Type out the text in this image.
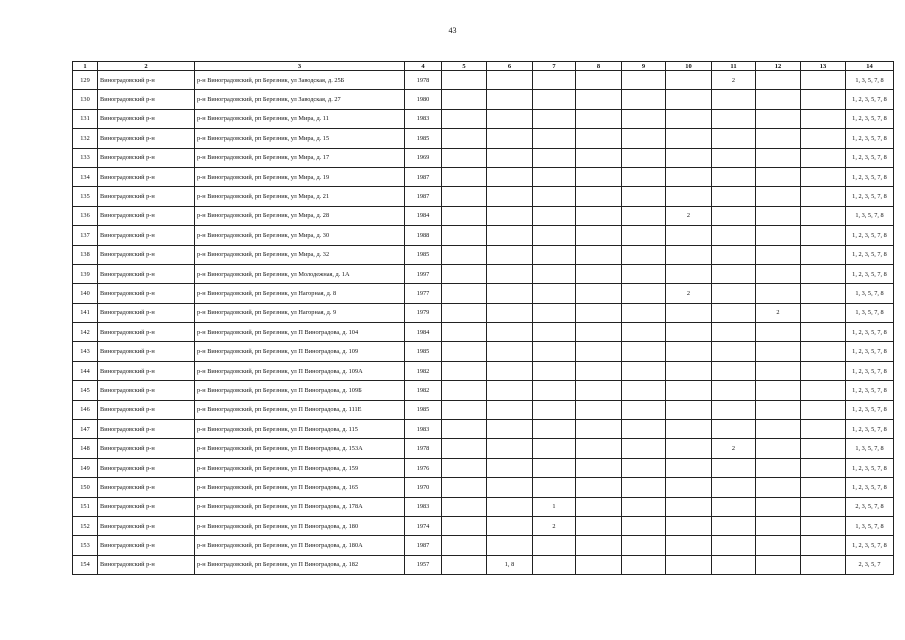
43
1	2	3	4	5	6	7	8	9	10	11	12	13	14
129	Виноградовский р-н	р-н Виноградовский, рп Березник, ул Заводская, д. 25Б	1978							2			1, 3, 5, 7, 8
130	Виноградовский р-н	р-н Виноградовский, рп Березник, ул Заводская, д. 27	1980										1, 2, 3, 5, 7, 8
131	Виноградовский р-н	р-н Виноградовский, рп Березник, ул Мира, д. 11	1983										1, 2, 3, 5, 7, 8
132	Виноградовский р-н	р-н Виноградовский, рп Березник, ул Мира, д. 15	1985										1, 2, 3, 5, 7, 8
133	Виноградовский р-н	р-н Виноградовский, рп Березник, ул Мира, д. 17	1969										1, 2, 3, 5, 7, 8
134	Виноградовский р-н	р-н Виноградовский, рп Березник, ул Мира, д. 19	1987										1, 2, 3, 5, 7, 8
135	Виноградовский р-н	р-н Виноградовский, рп Березник, ул Мира, д. 21	1987										1, 2, 3, 5, 7, 8
136	Виноградовский р-н	р-н Виноградовский, рп Березник, ул Мира, д. 28	1984						2				1, 3, 5, 7, 8
137	Виноградовский р-н	р-н Виноградовский, рп Березник, ул Мира, д. 30	1988										1, 2, 3, 5, 7, 8
138	Виноградовский р-н	р-н Виноградовский, рп Березник, ул Мира, д. 32	1985										1, 2, 3, 5, 7, 8
139	Виноградовский р-н	р-н Виноградовский, рп Березник, ул Молодежная, д. 1А	1997										1, 2, 3, 5, 7, 8
140	Виноградовский р-н	р-н Виноградовский, рп Березник, ул Нагорная, д. 8	1977						2				1, 3, 5, 7, 8
141	Виноградовский р-н	р-н Виноградовский, рп Березник, ул Нагорная, д. 9	1979								2		1, 3, 5, 7, 8
142	Виноградовский р-н	р-н Виноградовский, рп Березник, ул П Виноградова, д. 104	1984										1, 2, 3, 5, 7, 8
143	Виноградовский р-н	р-н Виноградовский, рп Березник, ул П Виноградова, д. 109	1985										1, 2, 3, 5, 7, 8
144	Виноградовский р-н	р-н Виноградовский, рп Березник, ул П Виноградова, д. 109А	1982										1, 2, 3, 5, 7, 8
145	Виноградовский р-н	р-н Виноградовский, рп Березник, ул П Виноградова, д. 109Б	1982										1, 2, 3, 5, 7, 8
146	Виноградовский р-н	р-н Виноградовский, рп Березник, ул П Виноградова, д. 111Е	1985										1, 2, 3, 5, 7, 8
147	Виноградовский р-н	р-н Виноградовский, рп Березник, ул П Виноградова, д. 115	1983										1, 2, 3, 5, 7, 8
148	Виноградовский р-н	р-н Виноградовский, рп Березник, ул П Виноградова, д. 153А	1978							2			1, 3, 5, 7, 8
149	Виноградовский р-н	р-н Виноградовский, рп Березник, ул П Виноградова, д. 159	1976										1, 2, 3, 5, 7, 8
150	Виноградовский р-н	р-н Виноградовский, рп Березник, ул П Виноградова, д. 165	1970										1, 2, 3, 5, 7, 8
151	Виноградовский р-н	р-н Виноградовский, рп Березник, ул П Виноградова, д. 178А	1983			1							2, 3, 5, 7, 8
152	Виноградовский р-н	р-н Виноградовский, рп Березник, ул П Виноградова, д. 180	1974			2							1, 3, 5, 7, 8
153	Виноградовский р-н	р-н Виноградовский, рп Березник, ул П Виноградова, д. 180А	1987										1, 2, 3, 5, 7, 8
154	Виноградовский р-н	р-н Виноградовский, рп Березник, ул П Виноградова, д. 182	1957		1, 8								2, 3, 5, 7
